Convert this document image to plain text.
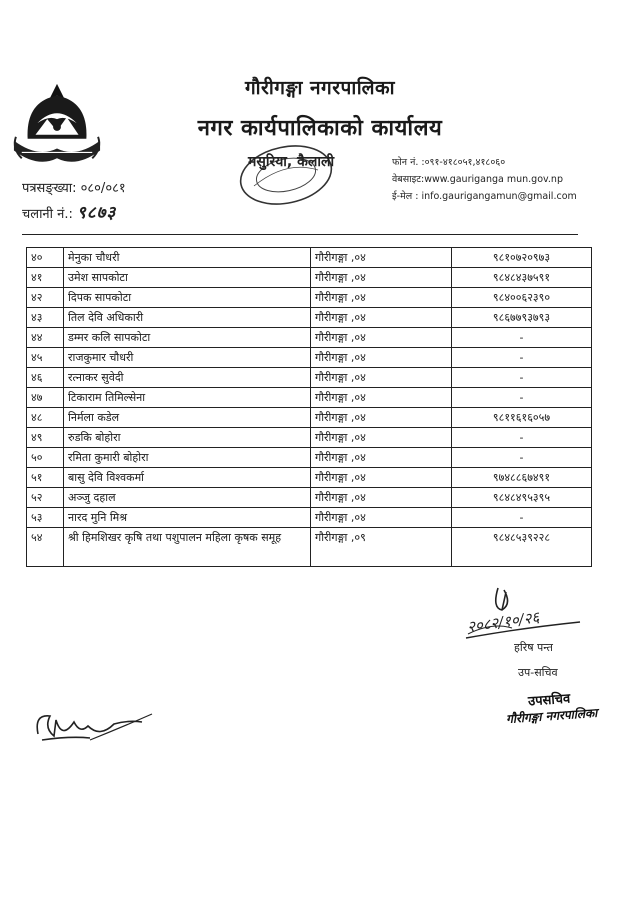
गौरीगङ्गा नगरपालिका
नगर कार्यपालिकाको कार्यालय
मसुरिया, कैलाली	फोन नं. :०९१-४१८०५१,४१८०६०
वेबसाइट:www.gauriganga mun.gov.np
ई-मेल : info.gaurigangamun@gmail.com
पत्रसङ्ख्या: ०८०/०८१
चलानी नं.: ९८७३
४०	मेनुका चौधरी	गौरीगङ्गा ,०४	९८१०७२०९७३
४१	उमेश सापकोटा	गौरीगङ्गा ,०४	९८४८४३७५९१
४२	दिपक सापकोटा	गौरीगङ्गा ,०४	९८४००६२३९०
४३	तिल देवि अधिकारी	गौरीगङ्गा ,०४	९८६७७९३७९३
४४	डम्मर कलि सापकोटा	गौरीगङ्गा ,०४	-
४५	राजकुमार चौधरी	गौरीगङ्गा ,०४	-
४६	रत्नाकर सुवेदी	गौरीगङ्गा ,०४	-
४७	टिकाराम तिमिल्सेना	गौरीगङ्गा ,०४	-
४८	निर्मला कडेल	गौरीगङ्गा ,०४	९८११६१६०५७
४९	रुडकि बोहोरा	गौरीगङ्गा ,०४	-
५०	रमिता कुमारी बोहोरा	गौरीगङ्गा ,०४	-
५१	बासु देवि विश्वकर्मा	गौरीगङ्गा ,०४	९७४८८६७४९१
५२	अञ्जु दहाल	गौरीगङ्गा ,०४	९८४८४९५३९५
५३	नारद मुनि मिश्र	गौरीगङ्गा ,०४	-
५४	श्री हिमशिखर कृषि तथा पशुपालन महिला कृषक समूह	गौरीगङ्गा ,०९	९८४८५३९२२८
२०८२/१०/२६
हरिष पन्त
उप-सचिव
उपसचिव
गौरीगङ्गा नगरपालिका
